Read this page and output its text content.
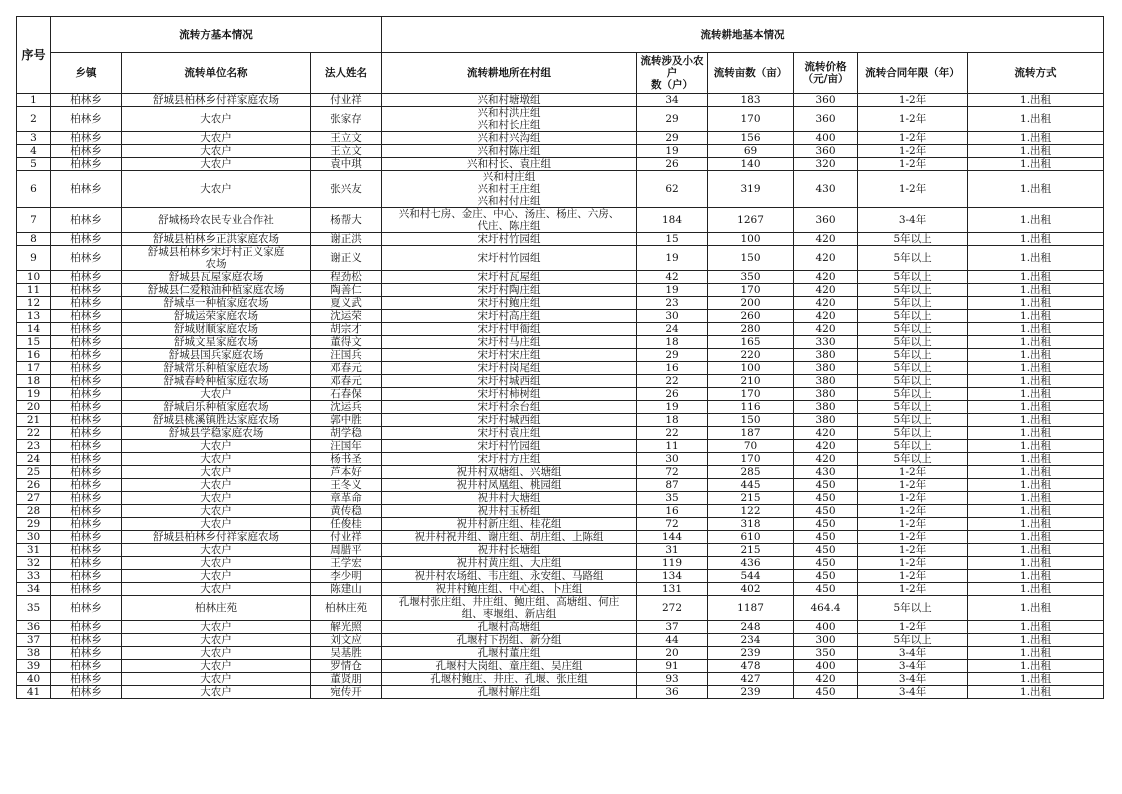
序号	流转方基本情况			流转耕地基本情况					
	乡镇	流转单位名称	法人姓名	流转耕地所在村组	流转涉及小农户
数（户）	流转亩数（亩）	流转价格
（元/亩）	流转合同年限（年）	流转方式
1	柏林乡	舒城县柏林乡付祥家庭农场	付业祥	兴和村塘墩组	34	183	360	1-2年	1.出租
2	柏林乡	大农户	张家存	兴和村洪庄组
兴和村长庄组	29	170	360	1-2年	1.出租
3	柏林乡	大农户	王立文	兴和村兴沟组	29	156	400	1-2年	1.出租
4	柏林乡	大农户	王立文	兴和村陈庄组	19	69	360	1-2年	1.出租
5	柏林乡	大农户	袁中琪	兴和村长、袁庄组	26	140	320	1-2年	1.出租
6	柏林乡	大农户	张兴友	兴和村庄组
兴和村王庄组
兴和村付庄组	62	319	430	1-2年	1.出租
7	柏林乡	舒城杨玲农民专业合作社	杨帮大	兴和村七房、金庄、中心、汤庄、杨庄、六房、
代庄、陈庄组	184	1267	360	3-4年	1.出租
8	柏林乡	舒城县柏林乡正洪家庭农场	谢正洪	宋圩村竹园组	15	100	420	5年以上	1.出租
9	柏林乡	舒城县柏林乡宋圩村正义家庭
农场	谢正义	宋圩村竹园组	19	150	420	5年以上	1.出租
10	柏林乡	舒城县瓦屋家庭农场	程劲松	宋圩村瓦屋组	42	350	420	5年以上	1.出租
11	柏林乡	舒城县仁爱粮油种植家庭农场	陶善仁	宋圩村陶庄组	19	170	420	5年以上	1.出租
12	柏林乡	舒城卓一种植家庭农场	夏义武	宋圩村鲍庄组	23	200	420	5年以上	1.出租
13	柏林乡	舒城运荣家庭农场	沈运荣	宋圩村高庄组	30	260	420	5年以上	1.出租
14	柏林乡	舒城财顺家庭农场	胡宗才	宋圩村甲衙组	24	280	420	5年以上	1.出租
15	柏林乡	舒城文星家庭农场	董得文	宋圩村马庄组	18	165	330	5年以上	1.出租
16	柏林乡	舒城县国兵家庭农场	汪国兵	宋圩村宋庄组	29	220	380	5年以上	1.出租
17	柏林乡	舒城常乐种植家庭农场	邓春元	宋圩村岗尾组	16	100	380	5年以上	1.出租
18	柏林乡	舒城春岭种植家庭农场	邓春元	宋圩村城西组	22	210	380	5年以上	1.出租
19	柏林乡	大农户	石春保	宋圩村柿树组	26	170	380	5年以上	1.出租
20	柏林乡	舒城启乐种植家庭农场	沈运兵	宋圩村余台组	19	116	380	5年以上	1.出租
21	柏林乡	舒城县桃溪镇胜达家庭农场	郭中胜	宋圩村城西组	18	150	380	5年以上	1.出租
22	柏林乡	舒城县学稳家庭农场	胡学稳	宋圩村袁庄组	22	187	420	5年以上	1.出租
23	柏林乡	大农户	汪国年	宋圩村竹园组	11	70	420	5年以上	1.出租
24	柏林乡	大农户	杨书圣	宋圩村方庄组	30	170	420	5年以上	1.出租
25	柏林乡	大农户	芦本好	祝井村双塘组、兴塘组	72	285	430	1-2年	1.出租
26	柏林乡	大农户	王冬义	祝井村凤凰组、桃园组	87	445	450	1-2年	1.出租
27	柏林乡	大农户	章革命	祝井村大塘组	35	215	450	1-2年	1.出租
28	柏林乡	大农户	黄传稳	祝井村玉桥组	16	122	450	1-2年	1.出租
29	柏林乡	大农户	任俊桂	祝井村新庄组、桂花组	72	318	450	1-2年	1.出租
30	柏林乡	舒城县柏林乡付祥家庭农场	付业祥	祝井村祝井组、谢庄组、胡庄组、上陈组	144	610	450	1-2年	1.出租
31	柏林乡	大农户	周腊平	祝井村长塘组	31	215	450	1-2年	1.出租
32	柏林乡	大农户	王学宏	祝井村黄庄组、大庄组	119	436	450	1-2年	1.出租
33	柏林乡	大农户	李少明	祝井村农场组、韦庄组、永安组、马路组	134	544	450	1-2年	1.出租
34	柏林乡	大农户	陈建山	祝井村鲍庄组、中心组、卜庄组	131	402	450	1-2年	1.出租
35	柏林乡	柏林庄苑	柏林庄苑	孔堰村张庄组、井庄组、鲍庄组、高塘组、何庄
组、枣堰组、新店组	272	1187	464.4	5年以上	1.出租
36	柏林乡	大农户	解光照	孔堰村高塘组	37	248	400	1-2年	1.出租
37	柏林乡	大农户	刘文应	孔堰村下拐组、新分组	44	234	300	5年以上	1.出租
38	柏林乡	大农户	吴基胜	孔堰村董庄组	20	239	350	3-4年	1.出租
39	柏林乡	大农户	罗情仓	孔堰村大岗组、童庄组、吴庄组	91	478	400	3-4年	1.出租
40	柏林乡	大农户	董贤朋	孔堰村鲍庄、井庄、孔堰、张庄组	93	427	420	3-4年	1.出租
41	柏林乡	大农户	宛传开	孔堰村解庄组	36	239	450	3-4年	1.出租
